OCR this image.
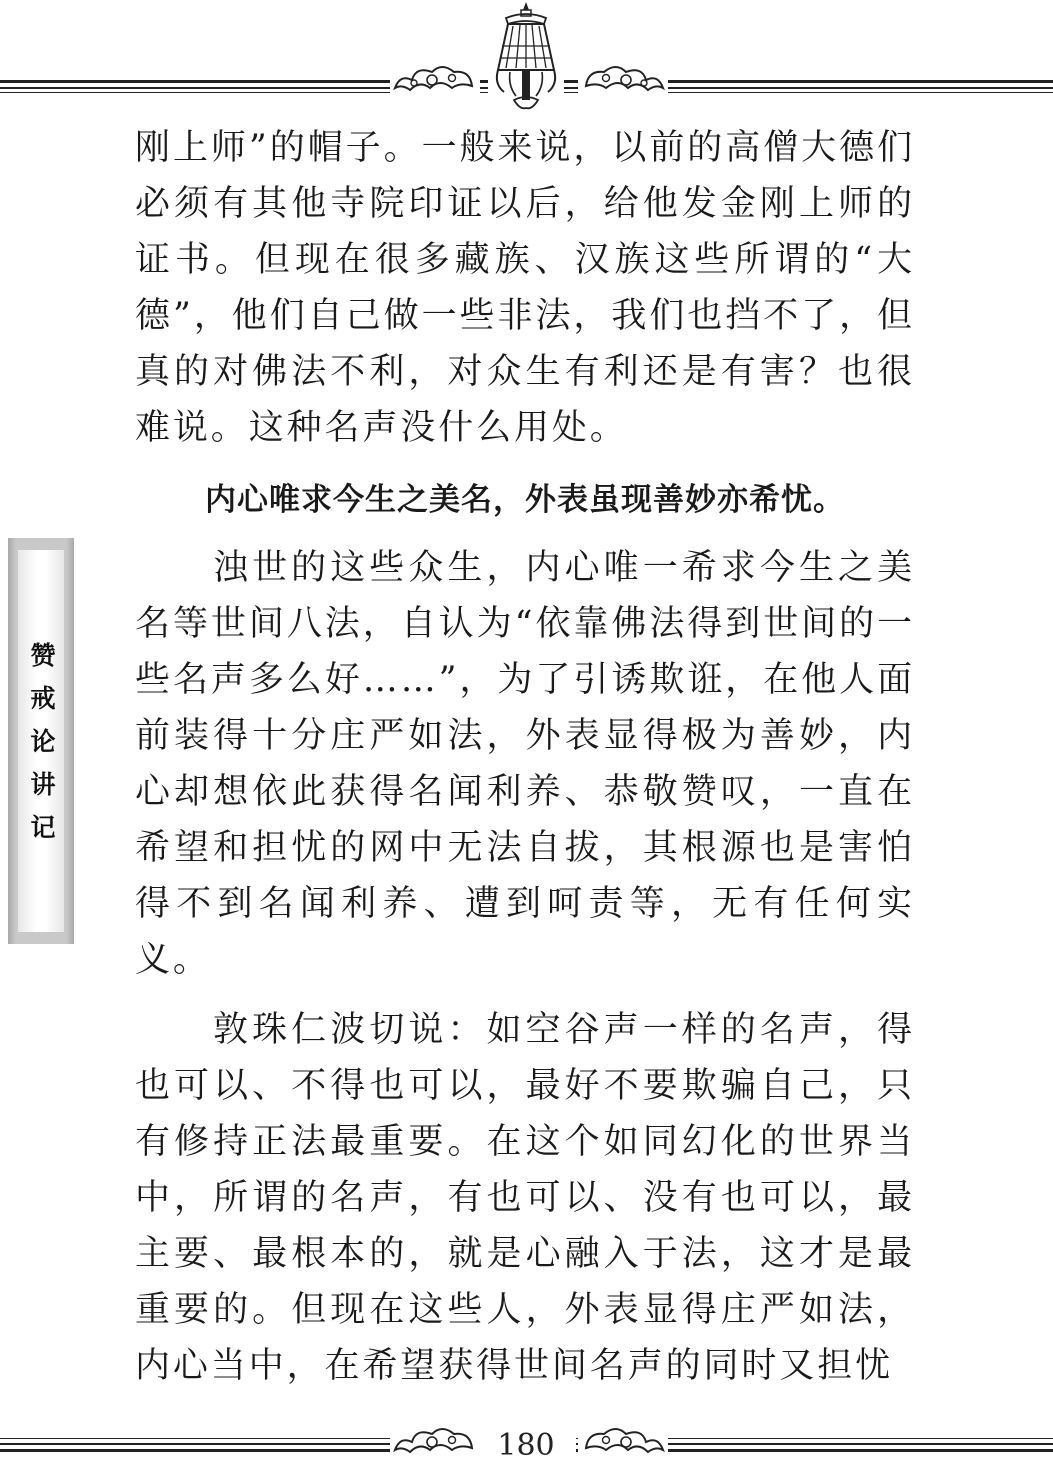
赞戒论讲记

刚上师”的帽子。一般来说，以前的高僧大德们必须有其他寺院印证以后，给他发金刚上师的证书。但现在很多藏族、汉族这些所谓的“大德”，他们自己做一些非法，我们也挡不了，但真的对佛法不利，对众生有利还是有害？也很难说。这种名声没什么用处。

内心唯求今生之美名，外表虽现善妙亦希忧。

浊世的这些众生，内心唯一希求今生之美名等世间八法，自认为“依靠佛法得到世间的一些名声多么好……”，为了引诱欺诳，在他人面前装得十分庄严如法，外表显得极为善妙，内心却想依此获得名闻利养、恭敬赞叹，一直在希望和担忧的网中无法自拔，其根源也是害怕得不到名闻利养、遭到呵责等，无有任何实义。

敦珠仁波切说：如空谷声一样的名声，得也可以、不得也可以，最好不要欺骗自己，只有修持正法最重要。在这个如同幻化的世界当中，所谓的名声，有也可以、没有也可以，最主要、最根本的，就是心融入于法，这才是最重要的。但现在这些人，外表显得庄严如法，内心当中，在希望获得世间名声的同时又担忧

180
